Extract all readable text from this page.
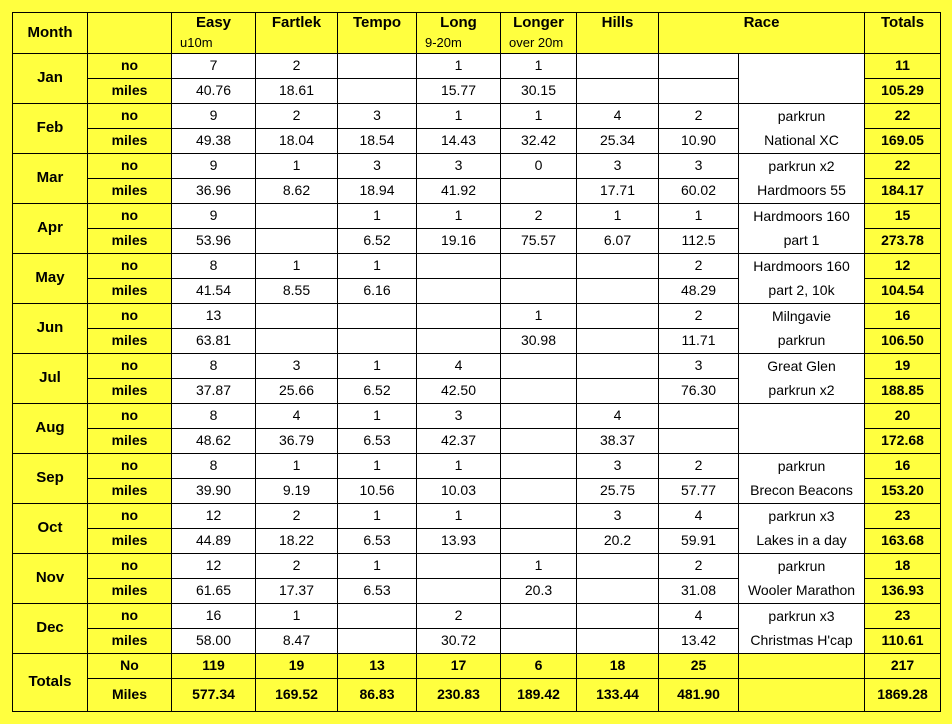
Month		Easy	Fartlek	Tempo	Long	Longer	Hills	Race		Totals
		u10m			9-20m	over 20m				
Jan	no	7	2		1	1				11
	miles	40.76	18.61		15.77	30.15				105.29
Feb	no	9	2	3	1	1	4	2	parkrun	22
	miles	49.38	18.04	18.54	14.43	32.42	25.34	10.90	National XC	169.05
Mar	no	9	1	3	3	0	3	3	parkrun x2	22
	miles	36.96	8.62	18.94	41.92		17.71	60.02	Hardmoors 55	184.17
Apr	no	9		1	1	2	1	1	Hardmoors 160	15
	miles	53.96		6.52	19.16	75.57	6.07	112.5	part 1	273.78
May	no	8	1	1				2	Hardmoors 160	12
	miles	41.54	8.55	6.16				48.29	part 2, 10k	104.54
Jun	no	13				1		2	Milngavie	16
	miles	63.81				30.98		11.71	parkrun	106.50
Jul	no	8	3	1	4			3	Great Glen	19
	miles	37.87	25.66	6.52	42.50			76.30	parkrun x2	188.85
Aug	no	8	4	1	3		4			20
	miles	48.62	36.79	6.53	42.37		38.37			172.68
Sep	no	8	1	1	1		3	2	parkrun	16
	miles	39.90	9.19	10.56	10.03		25.75	57.77	Brecon Beacons	153.20
Oct	no	12	2	1	1		3	4	parkrun x3	23
	miles	44.89	18.22	6.53	13.93		20.2	59.91	Lakes in a day	163.68
Nov	no	12	2	1		1		2	parkrun	18
	miles	61.65	17.37	6.53		20.3		31.08	Wooler Marathon	136.93
Dec	no	16	1		2			4	parkrun x3	23
	miles	58.00	8.47		30.72			13.42	Christmas H'cap	110.61
Totals	No	119	19	13	17	6	18	25		217
	Miles	577.34	169.52	86.83	230.83	189.42	133.44	481.90		1869.28
